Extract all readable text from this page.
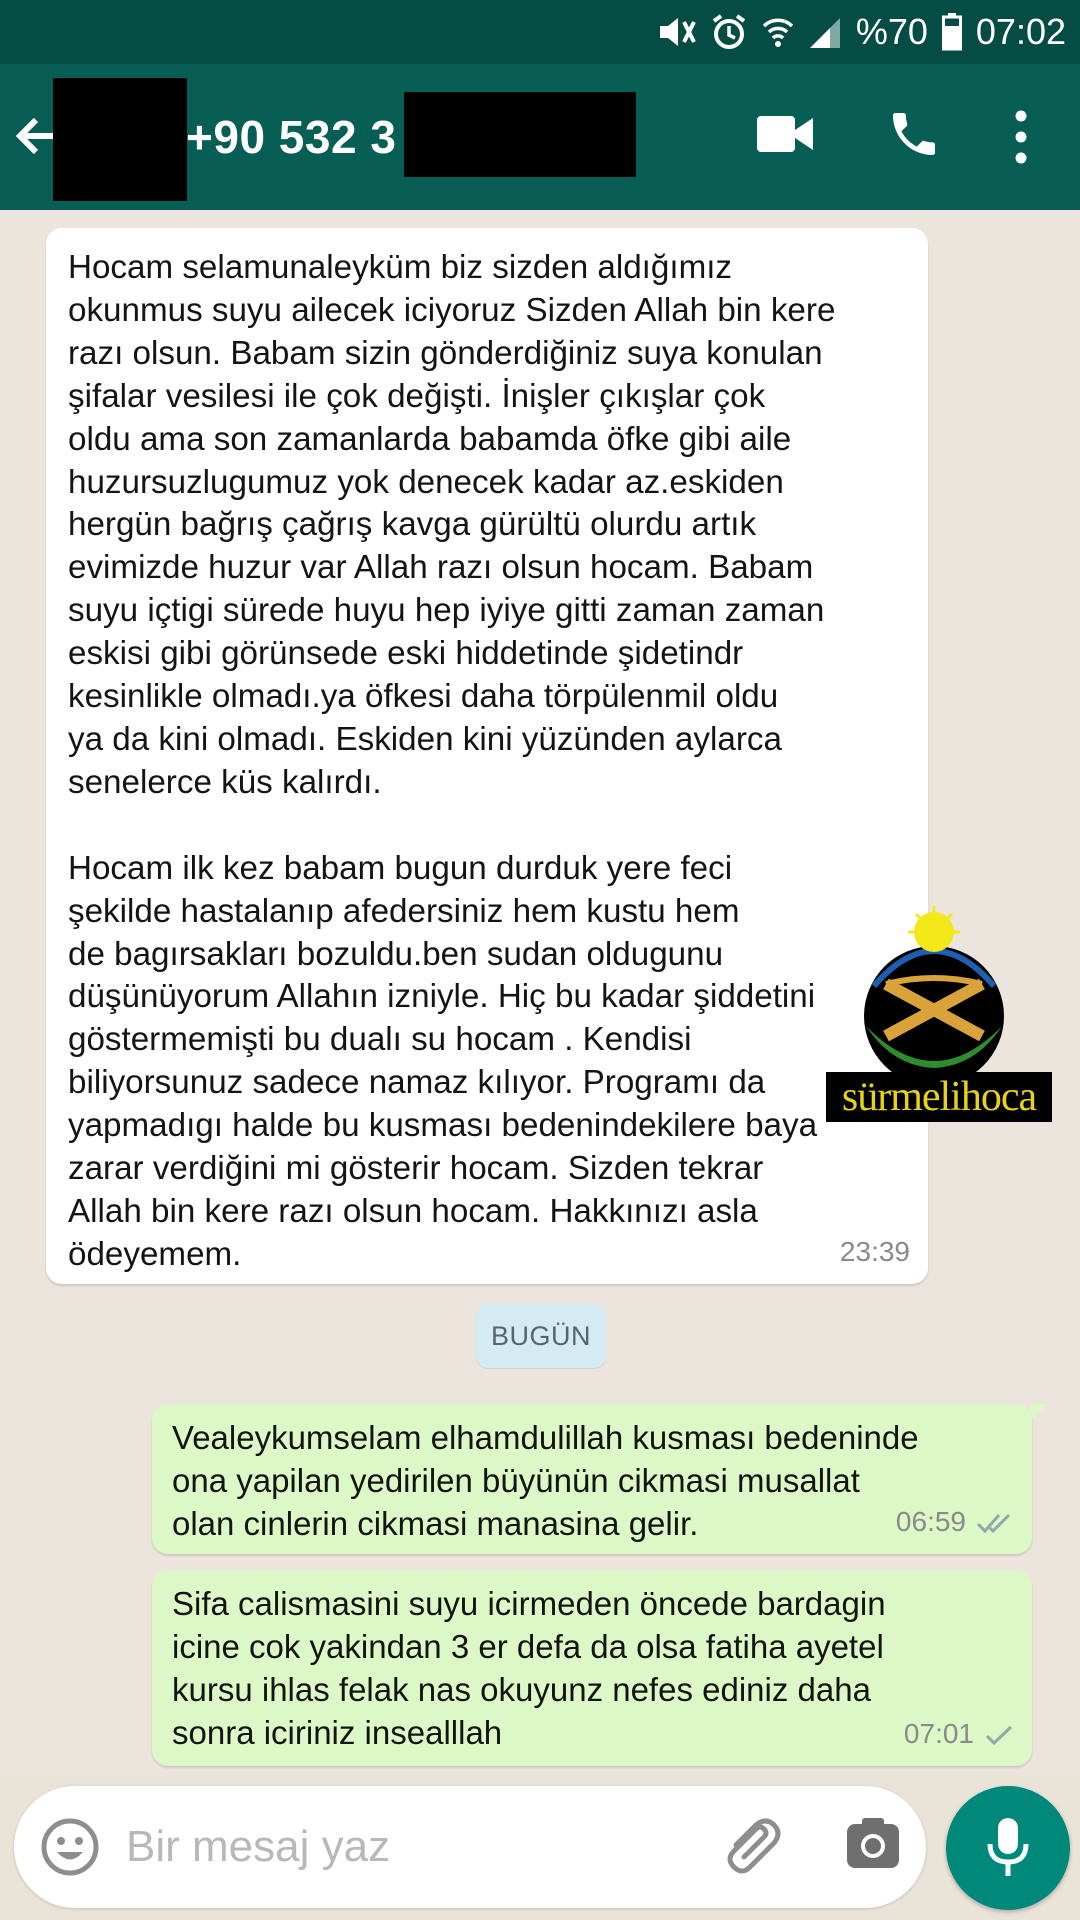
%70 07:02
+90 532 3
Hocam selamunaleyküm biz sizden aldığımız
okunmus suyu ailecek iciyoruz Sizden Allah bin kere
razı olsun. Babam sizin gönderdiğiniz suya konulan
şifalar vesilesi ile çok değişti. İnişler çıkışlar çok
oldu ama son zamanlarda babamda öfke gibi aile
huzursuzlugumuz yok denecek kadar az.eskiden
hergün bağrış çağrış kavga gürültü olurdu artık
evimizde huzur var Allah razı olsun hocam. Babam
suyu içtigi sürede huyu hep iyiye gitti zaman zaman
eskisi gibi görünsede eski hiddetinde şidetindr
kesinlikle olmadı.ya öfkesi daha törpülenmil oldu
ya da kini olmadı. Eskiden kini yüzünden aylarca
senelerce küs kalırdı.

Hocam ilk kez babam bugun durduk yere feci
şekilde hastalanıp afedersiniz hem kustu hem
de bagırsakları bozuldu.ben sudan oldugunu
düşünüyorum Allahın izniyle. Hiç bu kadar şiddetini
göstermemişti bu dualı su hocam . Kendisi
biliyorsunuz sadece namaz kılıyor. Programı da
yapmadıgı halde bu kusması bedenindekilere baya
zarar verdiğini mi gösterir hocam. Sizden tekrar
Allah bin kere razı olsun hocam. Hakkınızı asla
ödeyemem.	23:39
BUGÜN
Vealeykumselam elhamdulillah kusması bedeninde
ona yapilan yedirilen büyünün cikmasi musallat
olan cinlerin cikmasi manasina gelir.	06:59
Sifa calismasini suyu icirmeden öncede bardagin
icine cok yakindan 3 er defa da olsa fatiha ayetel
kursu ihlas felak nas okuyunz nefes ediniz daha
sonra iciriniz insealllah	07:01
sürmelihoca
Bir mesaj yaz
